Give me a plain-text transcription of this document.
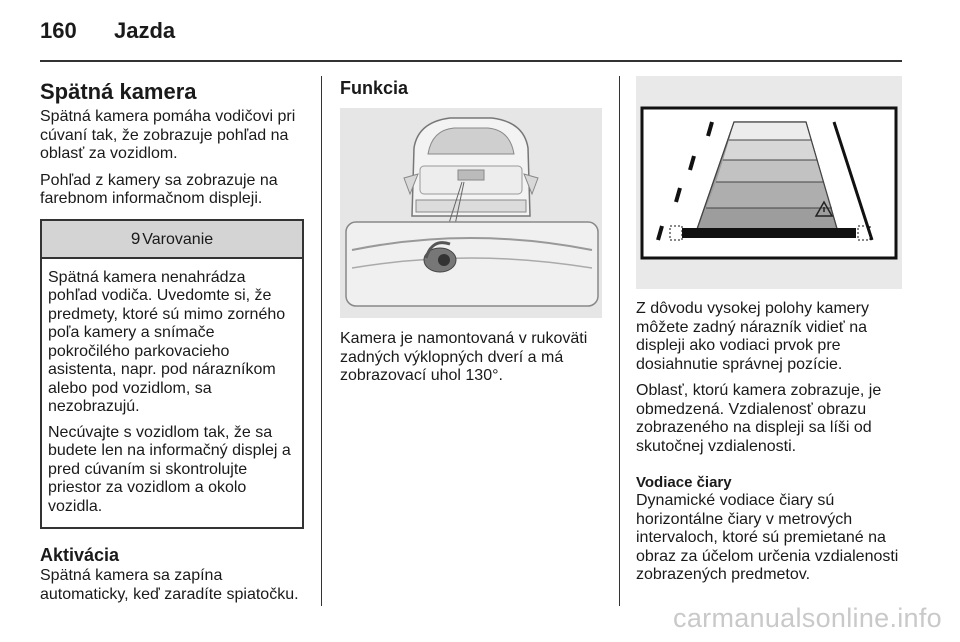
160 Jazda
Spätná kamera

Spätná kamera pomáha vodičovi pri cúvaní tak, že zobrazuje pohľad na oblasť za vozidlom.

Pohľad z kamery sa zobrazuje na farebnom informačnom displeji.

9 Varovanie

Spätná kamera nenahrádza pohľad vodiča. Uvedomte si, že predmety, ktoré sú mimo zorného poľa kamery a snímače pokročilého parkovacieho asistenta, napr. pod nárazníkom alebo pod vozidlom, sa nezobrazujú.

Necúvajte s vozidlom tak, že sa budete len na informačný displej a pred cúvaním si skontrolujte priestor za vozidlom a okolo vozidla.

Aktivácia

Spätná kamera sa zapína automaticky, keď zaradíte spiatočku.

Funkcia
Kamera je namontovaná v rukoväti zadných výklopných dverí a má zobrazovací uhol 130°.

Z dôvodu vysokej polohy kamery môžete zadný nárazník vidieť na displeji ako vodiaci prvok pre dosiahnutie správnej pozície.

Oblasť, ktorú kamera zobrazuje, je obmedzená. Vzdialenosť obrazu zobrazeného na displeji sa líši od skutočnej vzdialenosti.

Vodiace čiary

Dynamické vodiace čiary sú horizontálne čiary v metrových intervaloch, ktoré sú premietané na obraz za účelom určenia vzdialenosti zobrazených predmetov.

carmanualsonline.info
